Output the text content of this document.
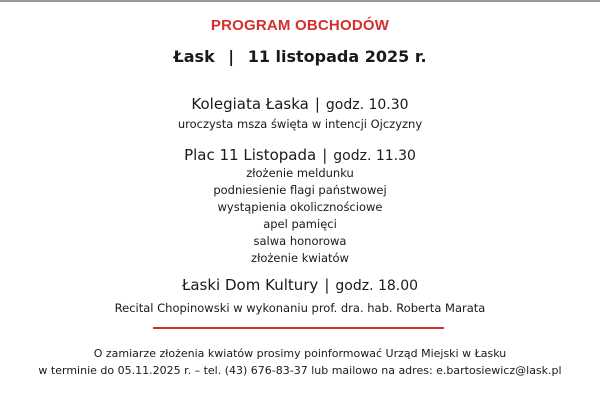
PROGRAM OBCHODÓW
Łask | 11 listopada 2025 r.
Kolegiata Łaska | godz. 10.30
uroczysta msza święta w intencji Ojczyzny
Plac 11 Listopada | godz. 11.30
złożenie meldunku
podniesienie flagi państwowej
wystąpienia okolicznościowe
apel pamięci
salwa honorowa
złożenie kwiatów
Łaski Dom Kultury | godz. 18.00
Recital Chopinowski w wykonaniu prof. dra. hab. Roberta Marata
O zamiarze złożenia kwiatów prosimy poinformować Urząd Miejski w Łasku
w terminie do 05.11.2025 r. – tel. (43) 676-83-37 lub mailowo na adres: e.bartosiewicz@lask.pl
